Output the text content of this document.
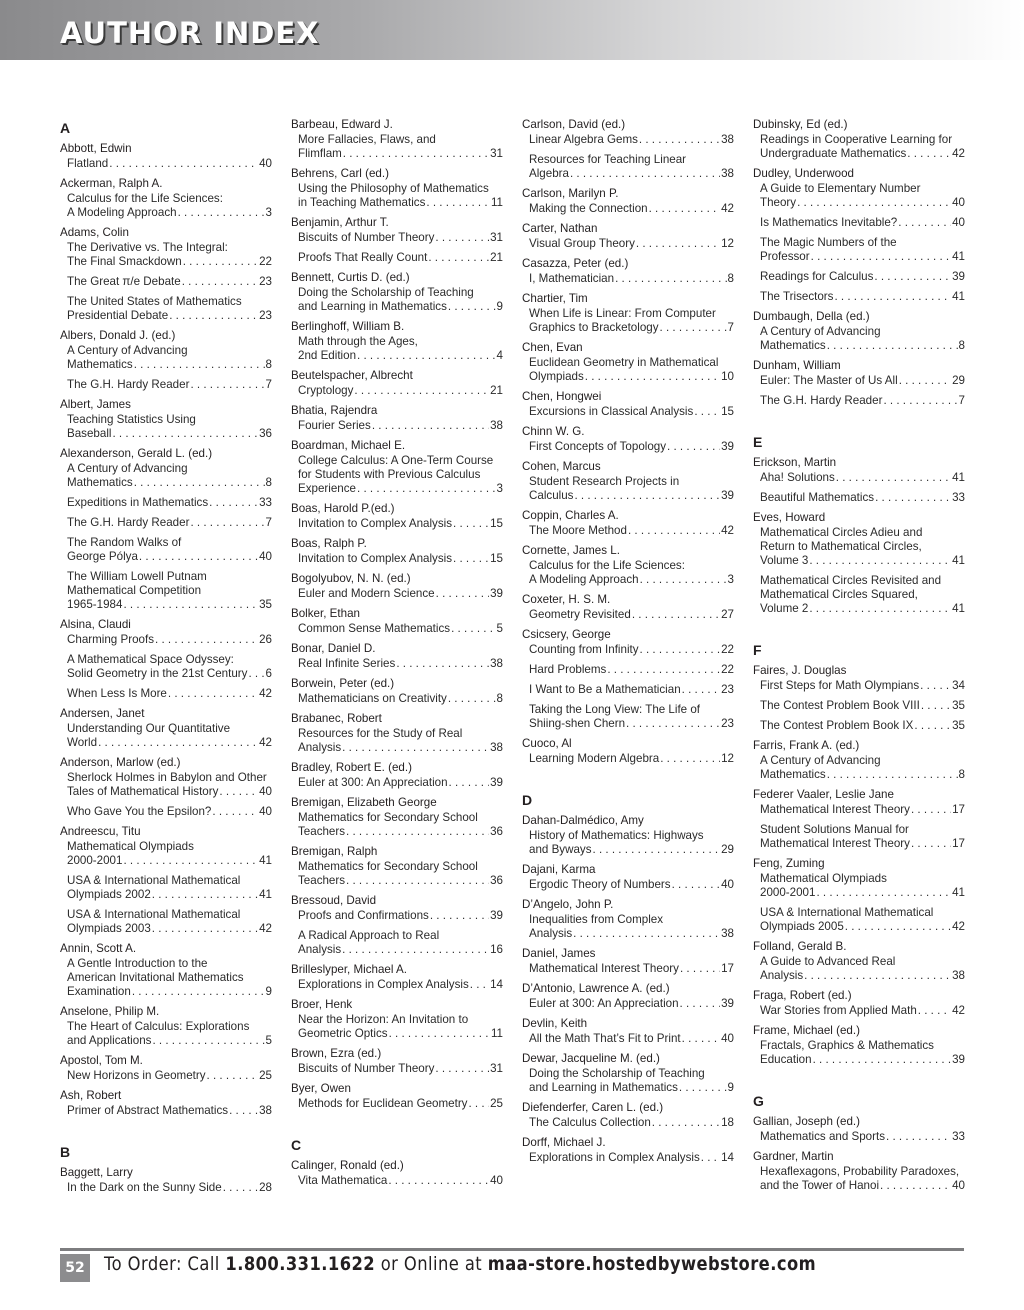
AUTHOR INDEX
A
Abbott, Edwin
Flatland . . .	40
Ackerman, Ralph A.
Calculus for the Life Sciences:
A Modeling Approach . . .	3
Adams, Colin
The Derivative vs. The Integral:
The Final Smackdown . . .	22
The Great π/e Debate . . .	23
The United States of Mathematics
Presidential Debate . . .	23
Albers, Donald J. (ed.)
A Century of Advancing
Mathematics . . .	8
The G.H. Hardy Reader . . .	7
Albert, James
Teaching Statistics Using
Baseball . . .	36
Alexanderson, Gerald L. (ed.)
A Century of Advancing
Mathematics . . .	8
Expeditions in Mathematics . . .	33
The G.H. Hardy Reader . . .	7
The Random Walks of
George Pólya . . .	40
The William Lowell Putnam
Mathematical Competition
1965-1984 . . .	35
Alsina, Claudi
Charming Proofs . . .	26
A Mathematical Space Odyssey:
Solid Geometry in the 21st Century . . . 6
When Less Is More . . .	42
Andersen, Janet
Understanding Our Quantitative
World . . .	42
Anderson, Marlow (ed.)
Sherlock Holmes in Babylon and Other
Tales of Mathematical History . . .	40
Who Gave You the Epsilon? . . .	40
Andreescu, Titu
Mathematical Olympiads
2000-2001 . . .	41
USA & International Mathematical
Olympiads 2002 . . .	41
USA & International Mathematical
Olympiads 2003 . . .	42
Annin, Scott A.
A Gentle Introduction to the
American Invitational Mathematics
Examination . . .	9
Anselone, Philip M.
The Heart of Calculus: Explorations
and Applications . . .	5
Apostol, Tom M.
New Horizons in Geometry . . .	25
Ash, Robert
Primer of Abstract Mathematics . . .	38
B
Baggett, Larry
In the Dark on the Sunny Side . . .	28
Barbeau, Edward J.
More Fallacies, Flaws, and
Flimflam . . .	31
Behrens, Carl (ed.)
Using the Philosophy of Mathematics
in Teaching Mathematics . . .	11
Benjamin, Arthur T.
Biscuits of Number Theory . . .	31
Proofs That Really Count . . .	21
Bennett, Curtis D. (ed.)
Doing the Scholarship of Teaching
and Learning in Mathematics . . .	9
Berlinghoff, William B.
Math through the Ages,
2nd Edition . . .	4
Beutelspacher, Albrecht
Cryptology . . .	21
Bhatia, Rajendra
Fourier Series . . .	38
Boardman, Michael E.
College Calculus: A One-Term Course
for Students with Previous Calculus
Experience . . .	3
Boas, Harold P.(ed.)
Invitation to Complex Analysis . . .	15
Boas, Ralph P.
Invitation to Complex Analysis . . .	15
Bogolyubov, N. N. (ed.)
Euler and Modern Science . . .	39
Bolker, Ethan
Common Sense Mathematics . . .	5
Bonar, Daniel D.
Real Infinite Series . . .	38
Borwein, Peter (ed.)
Mathematicians on Creativity . . .	8
Brabanec, Robert
Resources for the Study of Real
Analysis . . .	38
Bradley, Robert E. (ed.)
Euler at 300: An Appreciation . . .	39
Bremigan, Elizabeth George
Mathematics for Secondary School
Teachers . . .	36
Bremigan, Ralph
Mathematics for Secondary School
Teachers . . .	36
Bressoud, David
Proofs and Confirmations . . .	39
A Radical Approach to Real
Analysis . . .	16
Brilleslyper, Michael A.
Explorations in Complex Analysis . . . 14
Broer, Henk
Near the Horizon: An Invitation to
Geometric Optics . . .	11
Brown, Ezra (ed.)
Biscuits of Number Theory . . .	31
Byer, Owen
Methods for Euclidean Geometry . . . 25
C
Calinger, Ronald (ed.)
Vita Mathematica . . .	40
Carlson, David (ed.)
Linear Algebra Gems . . .	38
Resources for Teaching Linear
Algebra . . .	38
Carlson, Marilyn P.
Making the Connection . . .	42
Carter, Nathan
Visual Group Theory . . .	12
Casazza, Peter (ed.)
I, Mathematician . . .	8
Chartier, Tim
When Life is Linear: From Computer
Graphics to Bracketology . . .	7
Chen, Evan
Euclidean Geometry in Mathematical
Olympiads . . .	10
Chen, Hongwei
Excursions in Classical Analysis . . . 15
Chinn W. G.
First Concepts of Topology . . .	39
Cohen, Marcus
Student Research Projects in
Calculus . . .	39
Coppin, Charles A.
The Moore Method . . .	42
Cornette, James L.
Calculus for the Life Sciences:
A Modeling Approach . . .	3
Coxeter, H. S. M.
Geometry Revisited . . .	27
Csicsery, George
Counting from Infinity . . .	22
Hard Problems . . .	22
I Want to Be a Mathematician . . .	23
Taking the Long View: The Life of
Shiing-shen Chern . . .	23
Cuoco, Al
Learning Modern Algebra . . .	12
D
Dahan-Dalmédico, Amy
History of Mathematics: Highways
and Byways . . .	29
Dajani, Karma
Ergodic Theory of Numbers . . .	40
D’Angelo, John P.
Inequalities from Complex
Analysis . . .	38
Daniel, James
Mathematical Interest Theory . . .	17
D’Antonio, Lawrence A. (ed.)
Euler at 300: An Appreciation . . .	39
Devlin, Keith
All the Math That’s Fit to Print . . .	40
Dewar, Jacqueline M. (ed.)
Doing the Scholarship of Teaching
and Learning in Mathematics . . .	9
Diefenderfer, Caren L. (ed.)
The Calculus Collection . . .	18
Dorff, Michael J.
Explorations in Complex Analysis . . . 14
Dubinsky, Ed (ed.)
Readings in Cooperative Learning for
Undergraduate Mathematics . . .	42
Dudley, Underwood
A Guide to Elementary Number
Theory . . .	40
Is Mathematics Inevitable? . . .	40
The Magic Numbers of the
Professor . . .	41
Readings for Calculus . . .	39
The Trisectors . . .	41
Dumbaugh, Della (ed.)
A Century of Advancing
Mathematics . . .	8
Dunham, William
Euler: The Master of Us All . . .	29
The G.H. Hardy Reader . . .	7
E
Erickson, Martin
Aha! Solutions . . .	41
Beautiful Mathematics . . .	33
Eves, Howard
Mathematical Circles Adieu and
Return to Mathematical Circles,
Volume 3 . . .	41
Mathematical Circles Revisited and
Mathematical Circles Squared,
Volume 2 . . .	41
F
Faires, J. Douglas
First Steps for Math Olympians . . .	34
The Contest Problem Book VIII . . .	35
The Contest Problem Book IX . . .	35
Farris, Frank A. (ed.)
A Century of Advancing
Mathematics . . .	8
Federer Vaaler, Leslie Jane
Mathematical Interest Theory . . .	17
Student Solutions Manual for
Mathematical Interest Theory . . .	17
Feng, Zuming
Mathematical Olympiads
2000-2001 . . .	41
USA & International Mathematical
Olympiads 2005 . . .	42
Folland, Gerald B.
A Guide to Advanced Real
Analysis . . .	38
Fraga, Robert (ed.)
War Stories from Applied Math . . .	42
Frame, Michael (ed.)
Fractals, Graphics & Mathematics
Education . . .	39
G
Gallian, Joseph (ed.)
Mathematics and Sports . . .	33
Gardner, Martin
Hexaflexagons, Probability Paradoxes,
and the Tower of Hanoi . . .	40
52 To Order: Call 1.800.331.1622 or Online at maa-store.hostedbywebstore.com
